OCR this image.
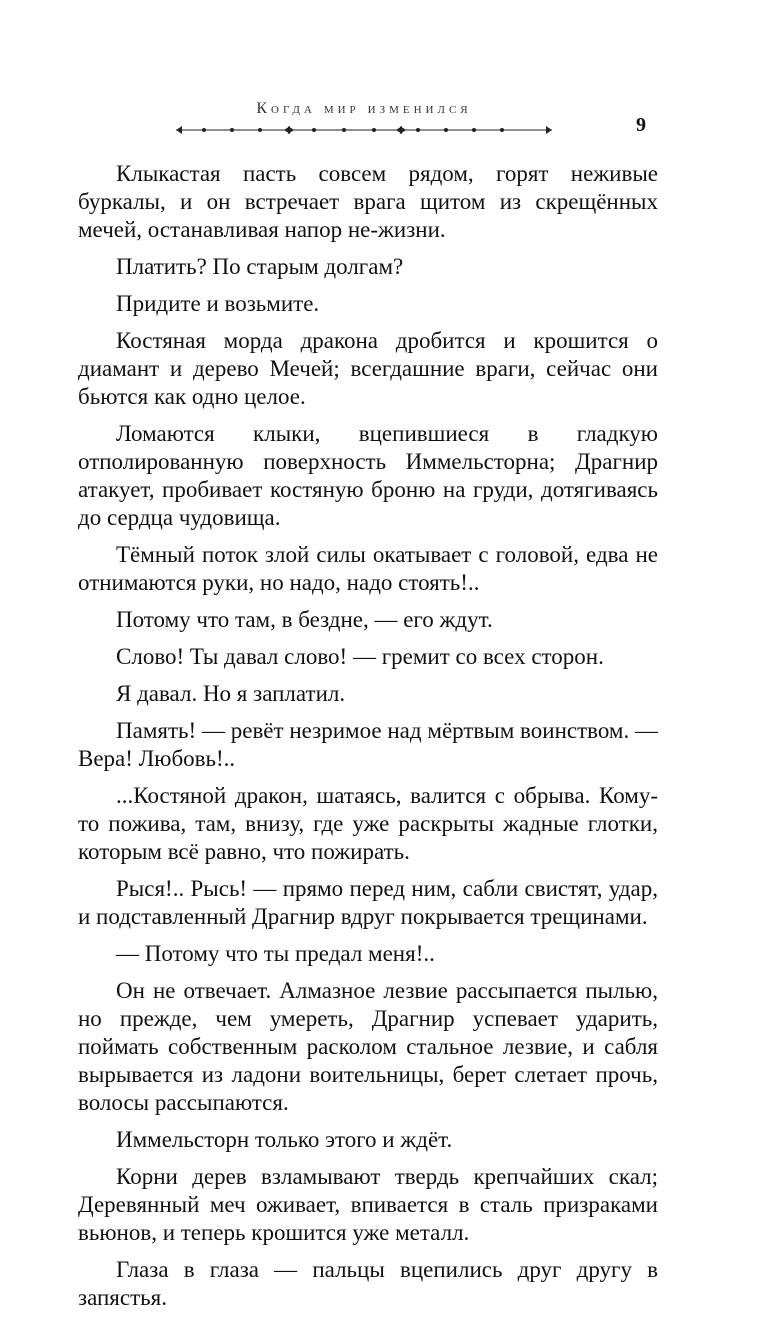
Когда мир изменился
9

Клыкастая пасть совсем рядом, горят неживые буркалы, и он встречает врага щитом из скрещённых мечей, останавливая напор не-жизни.

Платить? По старым долгам?

Придите и возьмите.

Костяная морда дракона дробится и крошится о диамант и дерево Мечей; всегдашние враги, сейчас они бьются как одно целое.

Ломаются клыки, вцепившиеся в гладкую отполированную поверхность Иммельсторна; Драгнир атакует, пробивает костяную броню на груди, дотягиваясь до сердца чудовища.

Тёмный поток злой силы окатывает с головой, едва не отнимаются руки, но надо, надо стоять!..

Потому что там, в бездне, — его ждут.

Слово! Ты давал слово! — гремит со всех сторон.

Я давал. Но я заплатил.

Память! — ревёт незримое над мёртвым воинством. — Вера! Любовь!..

...Костяной дракон, шатаясь, валится с обрыва. Кому-то пожива, там, внизу, где уже раскрыты жадные глотки, которым всё равно, что пожирать.

Рыся!.. Рысь! — прямо перед ним, сабли свистят, удар, и подставленный Драгнир вдруг покрывается трещинами.

— Потому что ты предал меня!..

Он не отвечает. Алмазное лезвие рассыпается пылью, но прежде, чем умереть, Драгнир успевает ударить, поймать собственным расколом стальное лезвие, и сабля вырывается из ладони воительницы, берет слетает прочь, волосы рассыпаются.

Иммельсторн только этого и ждёт.

Корни дерев взламывают твердь крепчайших скал; Деревянный меч оживает, впивается в сталь призраками вьюнов, и теперь крошится уже металл.

Глаза в глаза — пальцы вцепились друг другу в запястья.
